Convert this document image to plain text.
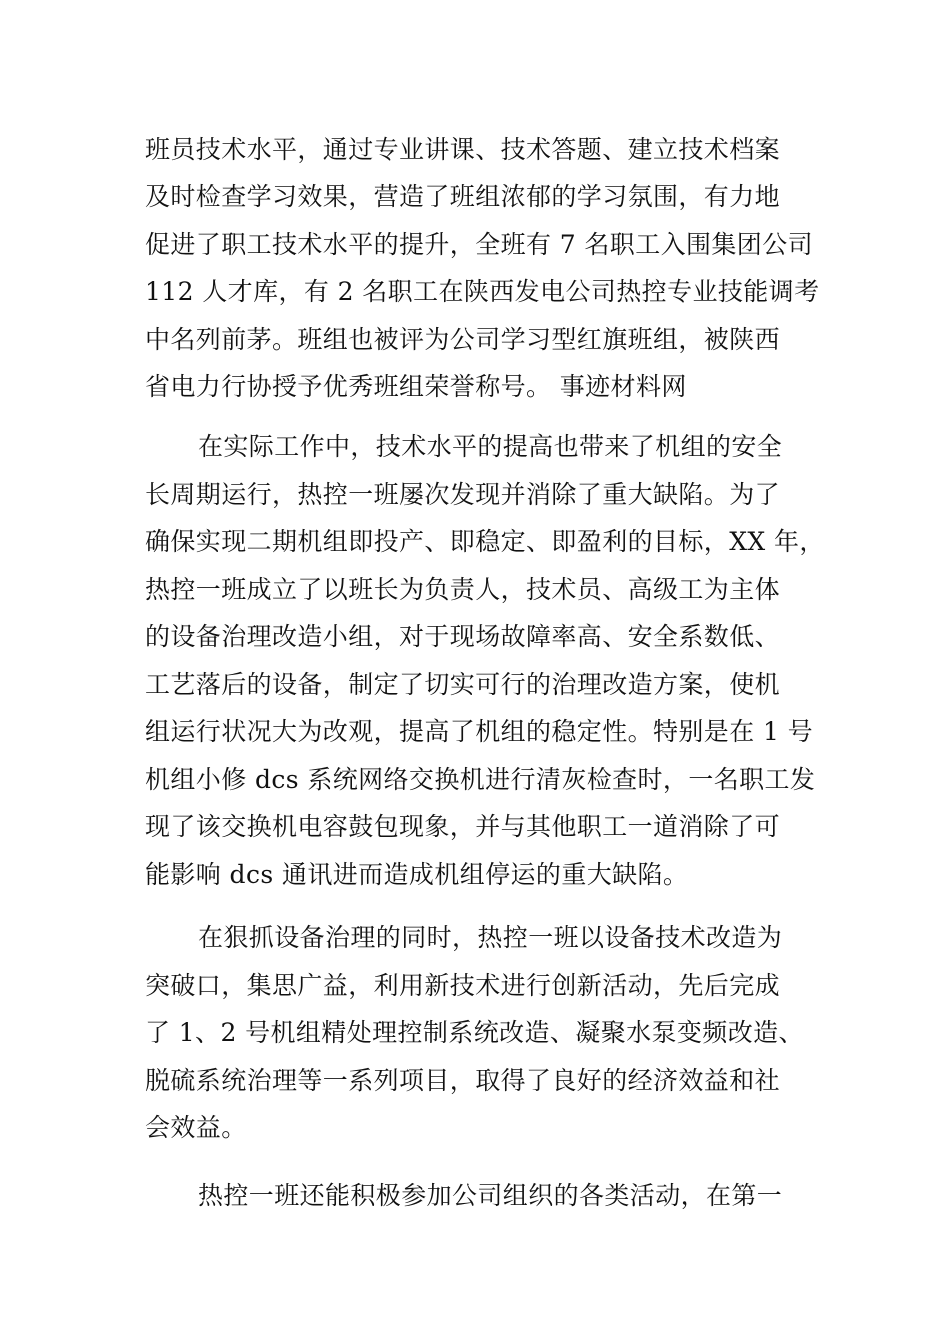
班员技术水平，通过专业讲课、技术答题、建立技术档案
及时检查学习效果，营造了班组浓郁的学习氛围，有力地
促进了职工技术水平的提升，全班有 7 名职工入围集团公司
112 人才库，有 2 名职工在陕西发电公司热控专业技能调考
中名列前茅。班组也被评为公司学习型红旗班组，被陕西
省电力行协授予优秀班组荣誉称号。 事迹材料网
在实际工作中，技术水平的提高也带来了机组的安全
长周期运行，热控一班屡次发现并消除了重大缺陷。为了
确保实现二期机组即投产、即稳定、即盈利的目标，XX 年，
热控一班成立了以班长为负责人，技术员、高级工为主体
的设备治理改造小组，对于现场故障率高、安全系数低、
工艺落后的设备，制定了切实可行的治理改造方案，使机
组运行状况大为改观，提高了机组的稳定性。特别是在 1 号
机组小修 dcs 系统网络交换机进行清灰检查时，一名职工发
现了该交换机电容鼓包现象，并与其他职工一道消除了可
能影响 dcs 通讯进而造成机组停运的重大缺陷。
在狠抓设备治理的同时，热控一班以设备技术改造为
突破口，集思广益，利用新技术进行创新活动，先后完成
了 1、2 号机组精处理控制系统改造、凝聚水泵变频改造、
脱硫系统治理等一系列项目，取得了良好的经济效益和社
会效益。
热控一班还能积极参加公司组织的各类活动，在第一
